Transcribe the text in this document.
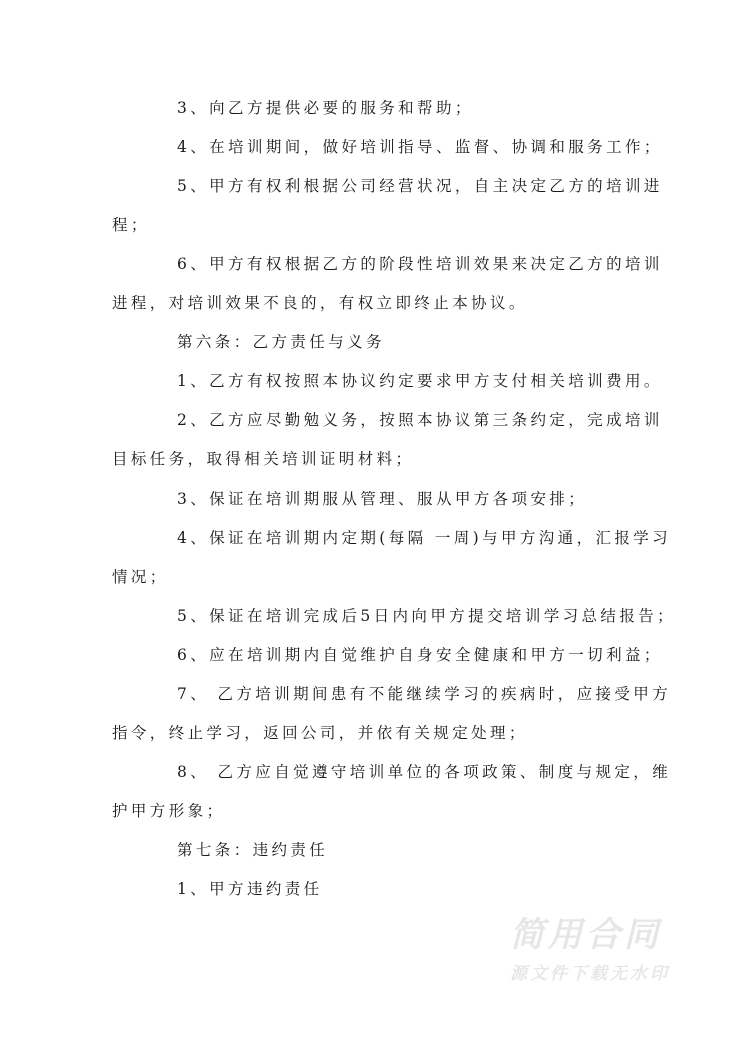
3、向乙方提供必要的服务和帮助；
4、在培训期间，做好培训指导、监督、协调和服务工作；
5、甲方有权利根据公司经营状况，自主决定乙方的培训进
程；
6、甲方有权根据乙方的阶段性培训效果来决定乙方的培训
进程，对培训效果不良的，有权立即终止本协议。
第六条：乙方责任与义务
1、乙方有权按照本协议约定要求甲方支付相关培训费用。
2、乙方应尽勤勉义务，按照本协议第三条约定，完成培训
目标任务，取得相关培训证明材料；
3、保证在培训期服从管理、服从甲方各项安排；
4、保证在培训期内定期(每隔 一周)与甲方沟通，汇报学习
情况；
5、保证在培训完成后5日内向甲方提交培训学习总结报告；
6、应在培训期内自觉维护自身安全健康和甲方一切利益；
7、 乙方培训期间患有不能继续学习的疾病时，应接受甲方
指令，终止学习，返回公司，并依有关规定处理；
8、 乙方应自觉遵守培训单位的各项政策、制度与规定，维
护甲方形象；
第七条：违约责任
1、甲方违约责任
简用合同
源文件下载无水印
